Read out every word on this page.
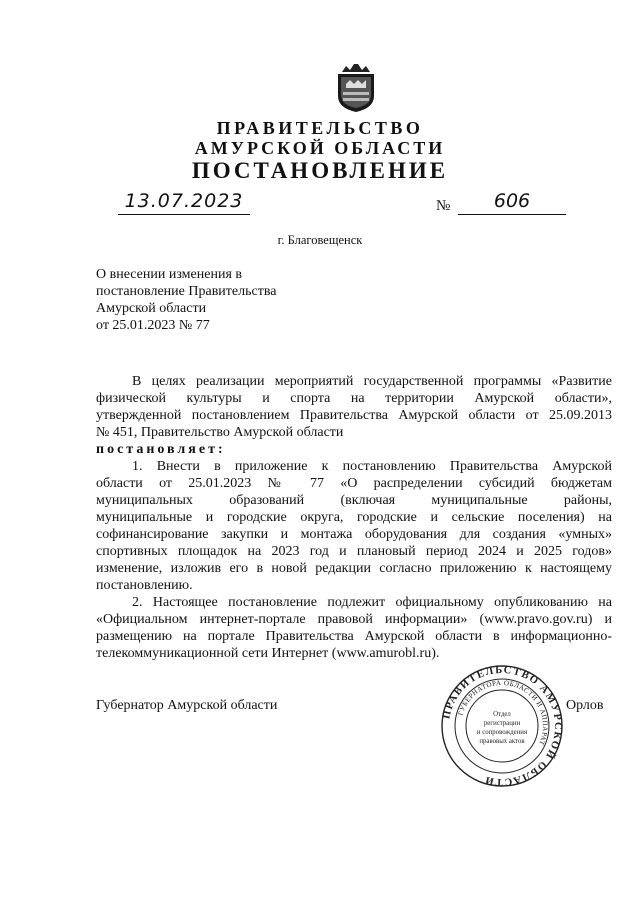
ПРАВИТЕЛЬСТВО
АМУРСКОЙ ОБЛАСТИ
ПОСТАНОВЛЕНИЕ
13.07.2023	№	606
г. Благовещенск
О внесении изменения в
постановление Правительства
Амурской области
от 25.01.2023 № 77
В целях реализации мероприятий государственной программы «Развитие
физической культуры и спорта на территории Амурской области»,
утвержденной постановлением Правительства Амурской области от 25.09.2013
№ 451, Правительство Амурской области
постановляет:
1. Внести в приложение к постановлению Правительства Амурской
области от 25.01.2023 № 77 «О распределении субсидий бюджетам
муниципальных образований (включая муниципальные районы,
муниципальные и городские округа, городские и сельские поселения) на
софинансирование закупки и монтажа оборудования для создания «умных»
спортивных площадок на 2023 год и плановый период 2024 и 2025 годов»
изменение, изложив его в новой редакции согласно приложению к настоящему
постановлению.
2. Настоящее постановление подлежит официальному опубликованию на
«Официальном интернет-портале правовой информации» (www.pravo.gov.ru) и
размещению на портале Правительства Амурской области в информационно-
телекоммуникационной сети Интернет (www.amurobl.ru).
Губернатор Амурской области	Орлов
ПРАВИТЕЛЬСТВО АМУРСКОЙ ОБЛАСТИ
ГУБЕРНАТОРА ОБЛАСТИ И АППАРАТ
Отдел
регистрации
и сопровождения
правовых актов
